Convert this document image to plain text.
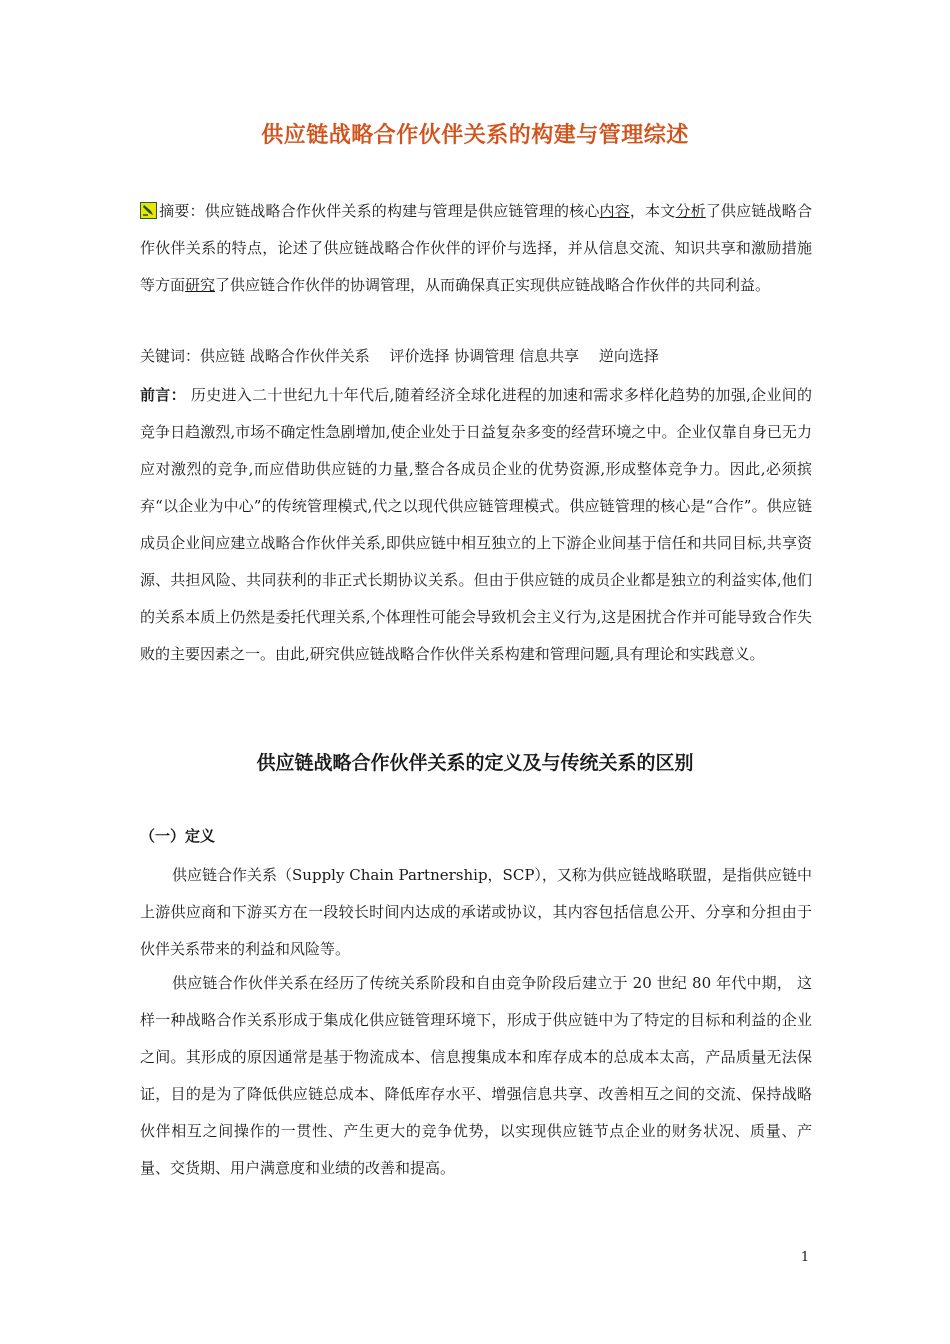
供应链战略合作伙伴关系的构建与管理综述
摘要：供应链战略合作伙伴关系的构建与管理是供应链管理的核心内容，本文分析了供应链战略合作伙伴关系的特点，论述了供应链战略合作伙伴的评价与选择，并从信息交流、知识共享和激励措施等方面研究了供应链合作伙伴的协调管理，从而确保真正实现供应链战略合作伙伴的共同利益。
关键词：供应链 战略合作伙伴关系　 评价选择 协调管理 信息共享　 逆向选择
前言： 历史进入二十世纪九十年代后,随着经济全球化进程的加速和需求多样化趋势的加强,企业间的竞争日趋激烈,市场不确定性急剧增加,使企业处于日益复杂多变的经营环境之中。企业仅靠自身已无力应对激烈的竞争,而应借助供应链的力量,整合各成员企业的优势资源,形成整体竞争力。因此,必须摈弃“以企业为中心”的传统管理模式,代之以现代供应链管理模式。供应链管理的核心是“合作”。供应链成员企业间应建立战略合作伙伴关系,即供应链中相互独立的上下游企业间基于信任和共同目标,共享资源、共担风险、共同获利的非正式长期协议关系。但由于供应链的成员企业都是独立的利益实体,他们的关系本质上仍然是委托代理关系,个体理性可能会导致机会主义行为,这是困扰合作并可能导致合作失败的主要因素之一。由此,研究供应链战略合作伙伴关系构建和管理问题,具有理论和实践意义。
供应链战略合作伙伴关系的定义及与传统关系的区别
（一）定义
供应链合作关系（Supply Chain Partnership，SCP），又称为供应链战略联盟，是指供应链中上游供应商和下游买方在一段较长时间内达成的承诺或协议，其内容包括信息公开、分享和分担由于伙伴关系带来的利益和风险等。
供应链合作伙伴关系在经历了传统关系阶段和自由竞争阶段后建立于 20 世纪 80 年代中期， 这样一种战略合作关系形成于集成化供应链管理环境下，形成于供应链中为了特定的目标和利益的企业之间。其形成的原因通常是基于物流成本、信息搜集成本和库存成本的总成本太高，产品质量无法保证，目的是为了降低供应链总成本、降低库存水平、增强信息共享、改善相互之间的交流、保持战略伙伴相互之间操作的一贯性、产生更大的竞争优势，以实现供应链节点企业的财务状况、质量、产量、交货期、用户满意度和业绩的改善和提高。
1
